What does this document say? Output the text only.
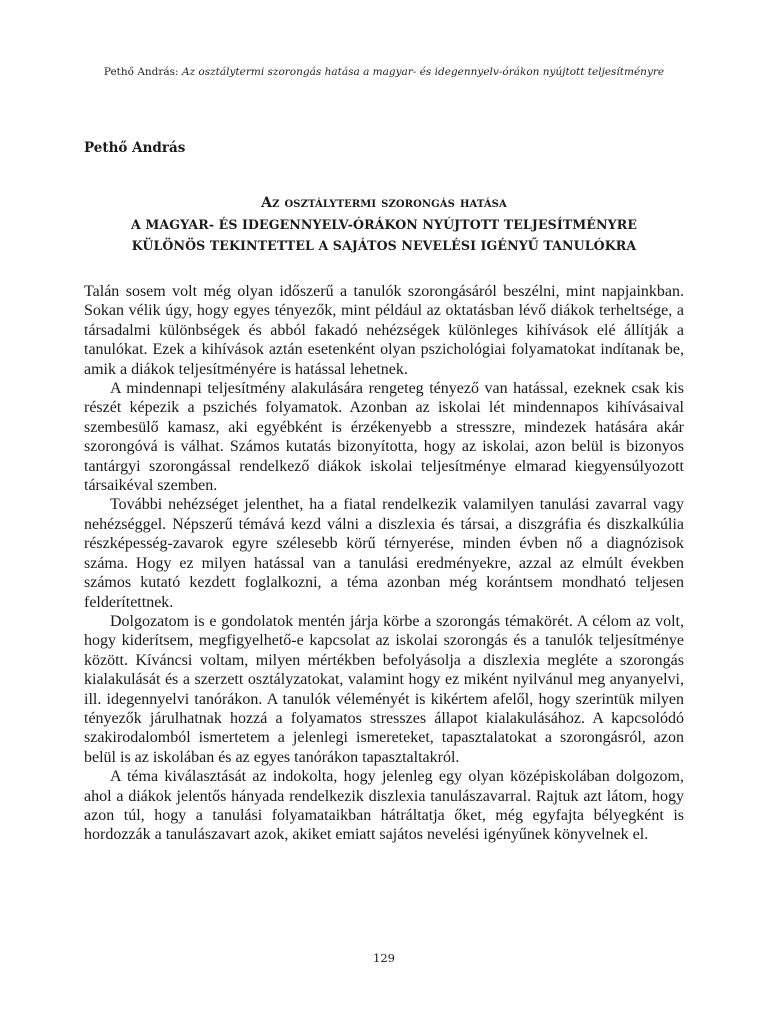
Pethő András: Az osztálytermi szorongás hatása a magyar- és idegennyelv-órákon nyújtott teljesítményre
Pethő András
Az osztálytermi szorongás hatása
A MAGYAR- ÉS IDEGENNYELV-ÓRÁKON NYÚJTOTT TELJESÍTMÉNYRE
KÜLÖNÖS TEKINTETTEL A SAJÁTOS NEVELÉSI IGÉNYŰ TANULÓKRA

Talán sosem volt még olyan időszerű a tanulók szorongásáról beszélni, mint napjainkban. Sokan vélik úgy, hogy egyes tényezők, mint például az oktatásban lévő diákok terheltsége, a társadalmi különbségek és abból fakadó nehézségek különleges kihívások elé állítják a tanulókat. Ezek a kihívások aztán esetenként olyan pszichológiai folyamatokat indítanak be, amik a diákok teljesítményére is hatással lehetnek.

A mindennapi teljesítmény alakulására rengeteg tényező van hatással, ezeknek csak kis részét képezik a pszichés folyamatok. Azonban az iskolai lét mindennapos kihívásaival szembesülő kamasz, aki egyébként is érzékenyebb a stresszre, mindezek hatására akár szorongóvá is válhat. Számos kutatás bizonyította, hogy az iskolai, azon belül is bizonyos tantárgyi szorongással rendelkező diákok iskolai teljesítménye elmarad kiegyensúlyozott társaikéval szemben.

További nehézséget jelenthet, ha a fiatal rendelkezik valamilyen tanulási zavarral vagy nehézséggel. Népszerű témává kezd válni a diszlexia és társai, a diszgráfia és diszkalkúlia részképesség-zavarok egyre szélesebb körű térnyerése, minden évben nő a diagnózisok száma. Hogy ez milyen hatással van a tanulási eredményekre, azzal az elmúlt években számos kutató kezdett foglalkozni, a téma azonban még korántsem mondható teljesen felderítettnek.

Dolgozatom is e gondolatok mentén járja körbe a szorongás témakörét. A célom az volt, hogy kiderítsem, megfigyelhető-e kapcsolat az iskolai szorongás és a tanulók teljesítménye között. Kíváncsi voltam, milyen mértékben befolyásolja a diszlexia megléte a szorongás kialakulását és a szerzett osztályzatokat, valamint hogy ez miként nyilvánul meg anyanyelvi, ill. idegennyelvi tanórákon. A tanulók véleményét is kikértem afelől, hogy szerintük milyen tényezők járulhatnak hozzá a folyamatos stresszes állapot kialakulásához. A kapcsolódó szakirodalomból ismertetem a jelenlegi ismereteket, tapasztalatokat a szorongásról, azon belül is az iskolában és az egyes tanórákon tapasztaltakról.

A téma kiválasztását az indokolta, hogy jelenleg egy olyan középiskolában dolgozom, ahol a diákok jelentős hányada rendelkezik diszlexia tanulászavarral. Rajtuk azt látom, hogy azon túl, hogy a tanulási folyamataikban hátráltatja őket, még egyfajta bélyegként is hordozzák a tanulászavart azok, akiket emiatt sajátos nevelési igényűnek könyvelnek el.

129
